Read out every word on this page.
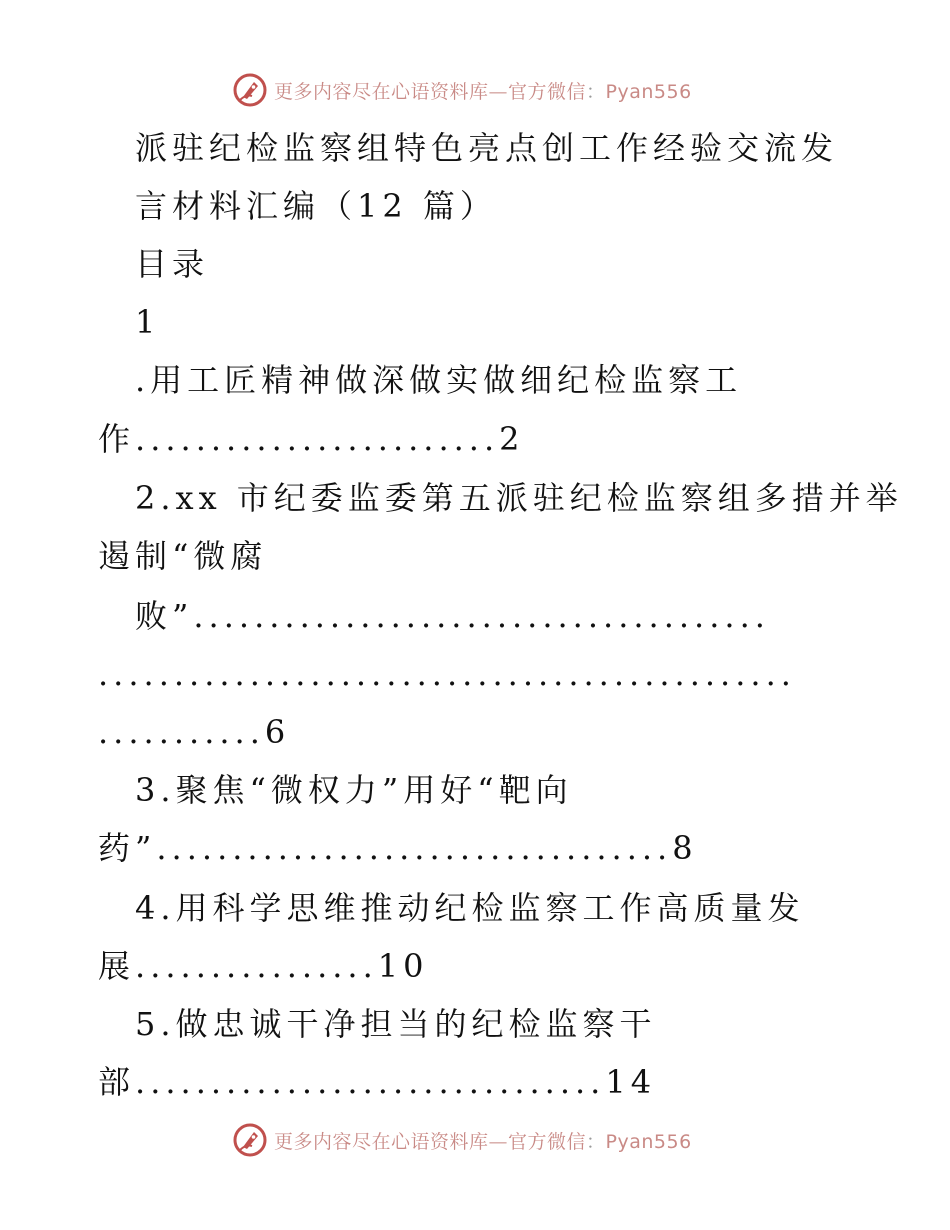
更多内容尽在心语资料库—官方微信：Pyan556
派驻纪检监察组特色亮点创工作经验交流发
言材料汇编（12 篇）
目录
1
.用工匠精神做深做实做细纪检监察工
作........................2
2.xx 市纪委监委第五派驻纪检监察组多措并举
遏制“微腐
败”......................................
..............................................
...........6
3.聚焦“微权力”用好“靶向
药”..................................8
4.用科学思维推动纪检监察工作高质量发
展................10
5.做忠诚干净担当的纪检监察干
部...............................14
更多内容尽在心语资料库—官方微信：Pyan556
